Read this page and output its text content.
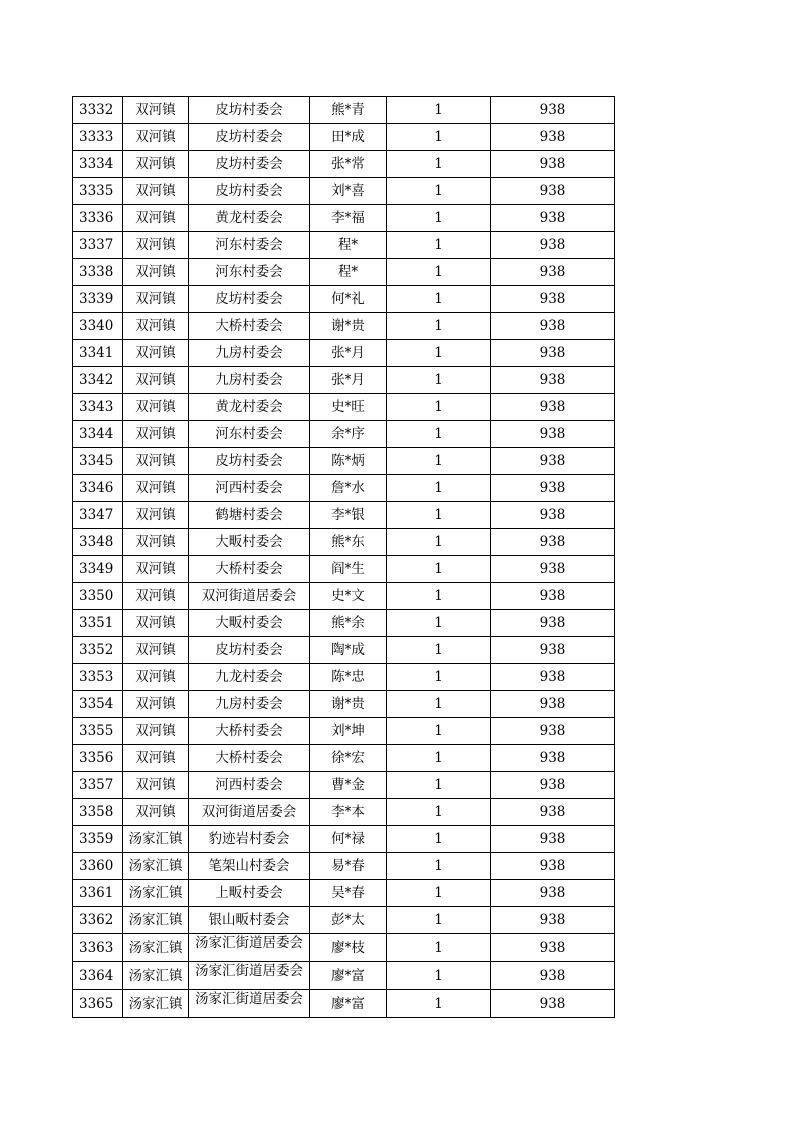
3332	双河镇	皮坊村委会	熊*青	1	938
3333	双河镇	皮坊村委会	田*成	1	938
3334	双河镇	皮坊村委会	张*常	1	938
3335	双河镇	皮坊村委会	刘*喜	1	938
3336	双河镇	黄龙村委会	李*福	1	938
3337	双河镇	河东村委会	程*	1	938
3338	双河镇	河东村委会	程*	1	938
3339	双河镇	皮坊村委会	何*礼	1	938
3340	双河镇	大桥村委会	谢*贵	1	938
3341	双河镇	九房村委会	张*月	1	938
3342	双河镇	九房村委会	张*月	1	938
3343	双河镇	黄龙村委会	史*旺	1	938
3344	双河镇	河东村委会	余*序	1	938
3345	双河镇	皮坊村委会	陈*炳	1	938
3346	双河镇	河西村委会	詹*水	1	938
3347	双河镇	鹤塘村委会	李*银	1	938
3348	双河镇	大畈村委会	熊*东	1	938
3349	双河镇	大桥村委会	阎*生	1	938
3350	双河镇	双河街道居委会	史*文	1	938
3351	双河镇	大畈村委会	熊*余	1	938
3352	双河镇	皮坊村委会	陶*成	1	938
3353	双河镇	九龙村委会	陈*忠	1	938
3354	双河镇	九房村委会	谢*贵	1	938
3355	双河镇	大桥村委会	刘*坤	1	938
3356	双河镇	大桥村委会	徐*宏	1	938
3357	双河镇	河西村委会	曹*金	1	938
3358	双河镇	双河街道居委会	李*本	1	938
3359	汤家汇镇	豹迹岩村委会	何*禄	1	938
3360	汤家汇镇	笔架山村委会	易*春	1	938
3361	汤家汇镇	上畈村委会	吴*春	1	938
3362	汤家汇镇	银山畈村委会	彭*太	1	938
3363	汤家汇镇	汤家汇街道居委会	廖*枝	1	938
3364	汤家汇镇	汤家汇街道居委会	廖*富	1	938
3365	汤家汇镇	汤家汇街道居委会	廖*富	1	938
